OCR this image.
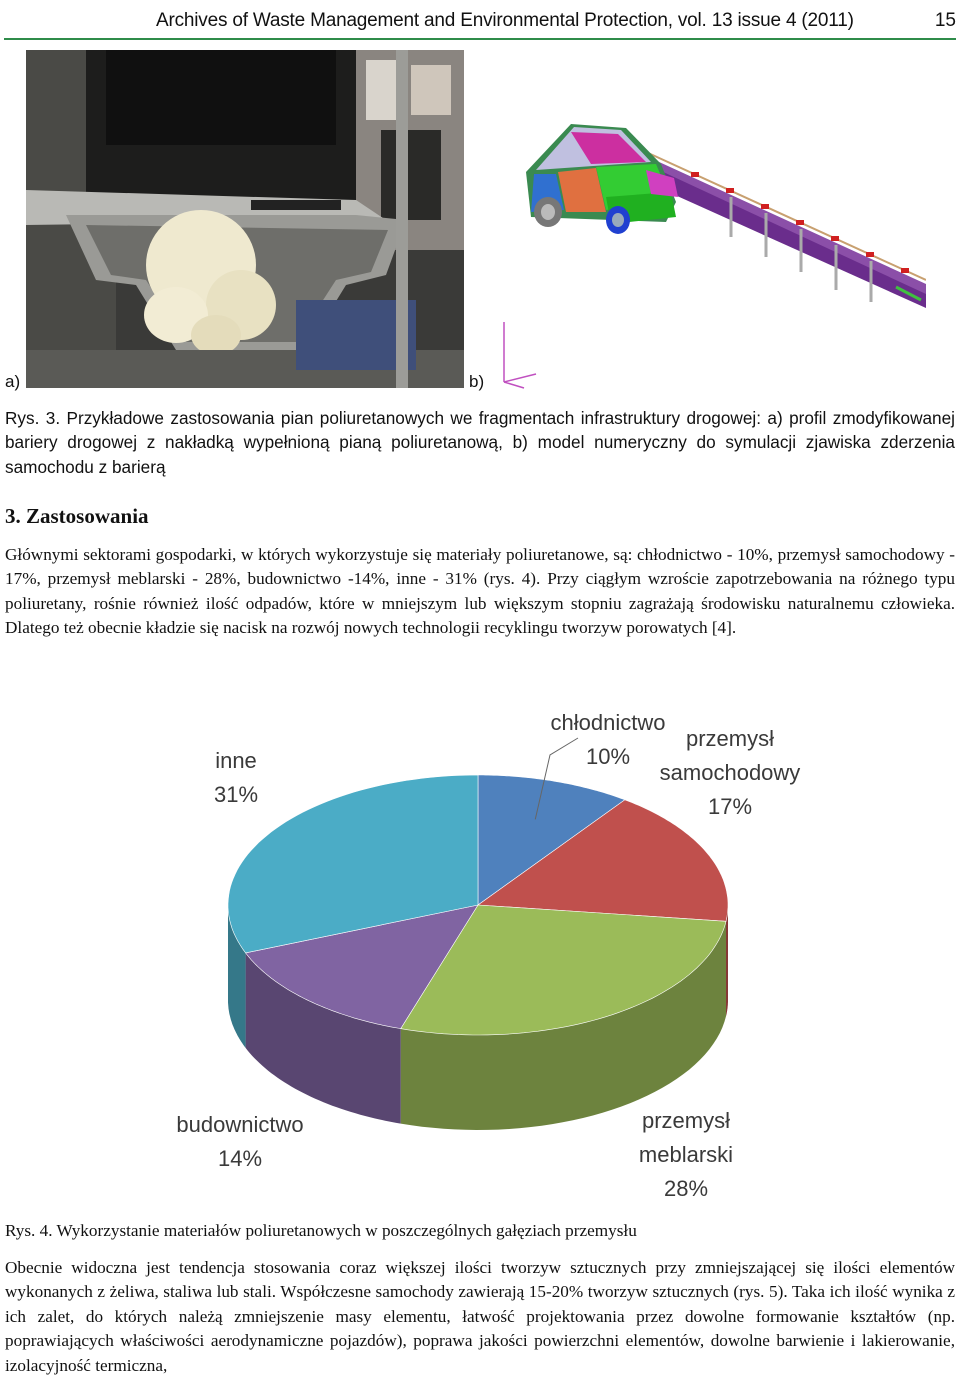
Archives of Waste Management and Environmental Protection, vol. 13 issue 4 (2011)	15
a)	b)
Rys. 3. Przykładowe zastosowania pian poliuretanowych we fragmentach infrastruktury drogowej: a) profil zmodyfikowanej bariery drogowej z nakładką wypełnioną pianą poliuretanową, b) model numeryczny do symulacji zjawiska zderzenia samochodu z barierą
3. Zastosowania
Głównymi sektorami gospodarki, w których wykorzystuje się materiały poliuretanowe, są: chłodnictwo - 10%, przemysł samochodowy - 17%, przemysł meblarski - 28%, budownictwo -14%, inne - 31% (rys. 4). Przy ciągłym wzroście zapotrzebowania na różnego typu poliuretany, rośnie również ilość odpadów, które w mniejszym lub większym stopniu zagrażają środowisku naturalnemu człowieka. Dlatego też obecnie kładzie się nacisk na rozwój nowych technologii recyklingu tworzyw porowatych [4].
chłodnictwo
10%
przemysł
samochodowy
17%
przemysł
meblarski
28%
budownictwo
14%
inne
31%
Rys. 4. Wykorzystanie materiałów poliuretanowych w poszczególnych gałęziach przemysłu
Obecnie widoczna jest tendencja stosowania coraz większej ilości tworzyw sztucznych przy zmniejszającej się ilości elementów wykonanych z żeliwa, staliwa lub stali. Współczesne samochody zawierają 15-20% tworzyw sztucznych (rys. 5). Taka ich ilość wynika z ich zalet, do których należą zmniejszenie masy elementu, łatwość projektowania przez dowolne formowanie kształtów (np. poprawiających właściwości aerodynamiczne pojazdów), poprawa jakości powierzchni elementów, dowolne barwienie i lakierowanie, izolacyjność termiczna,
